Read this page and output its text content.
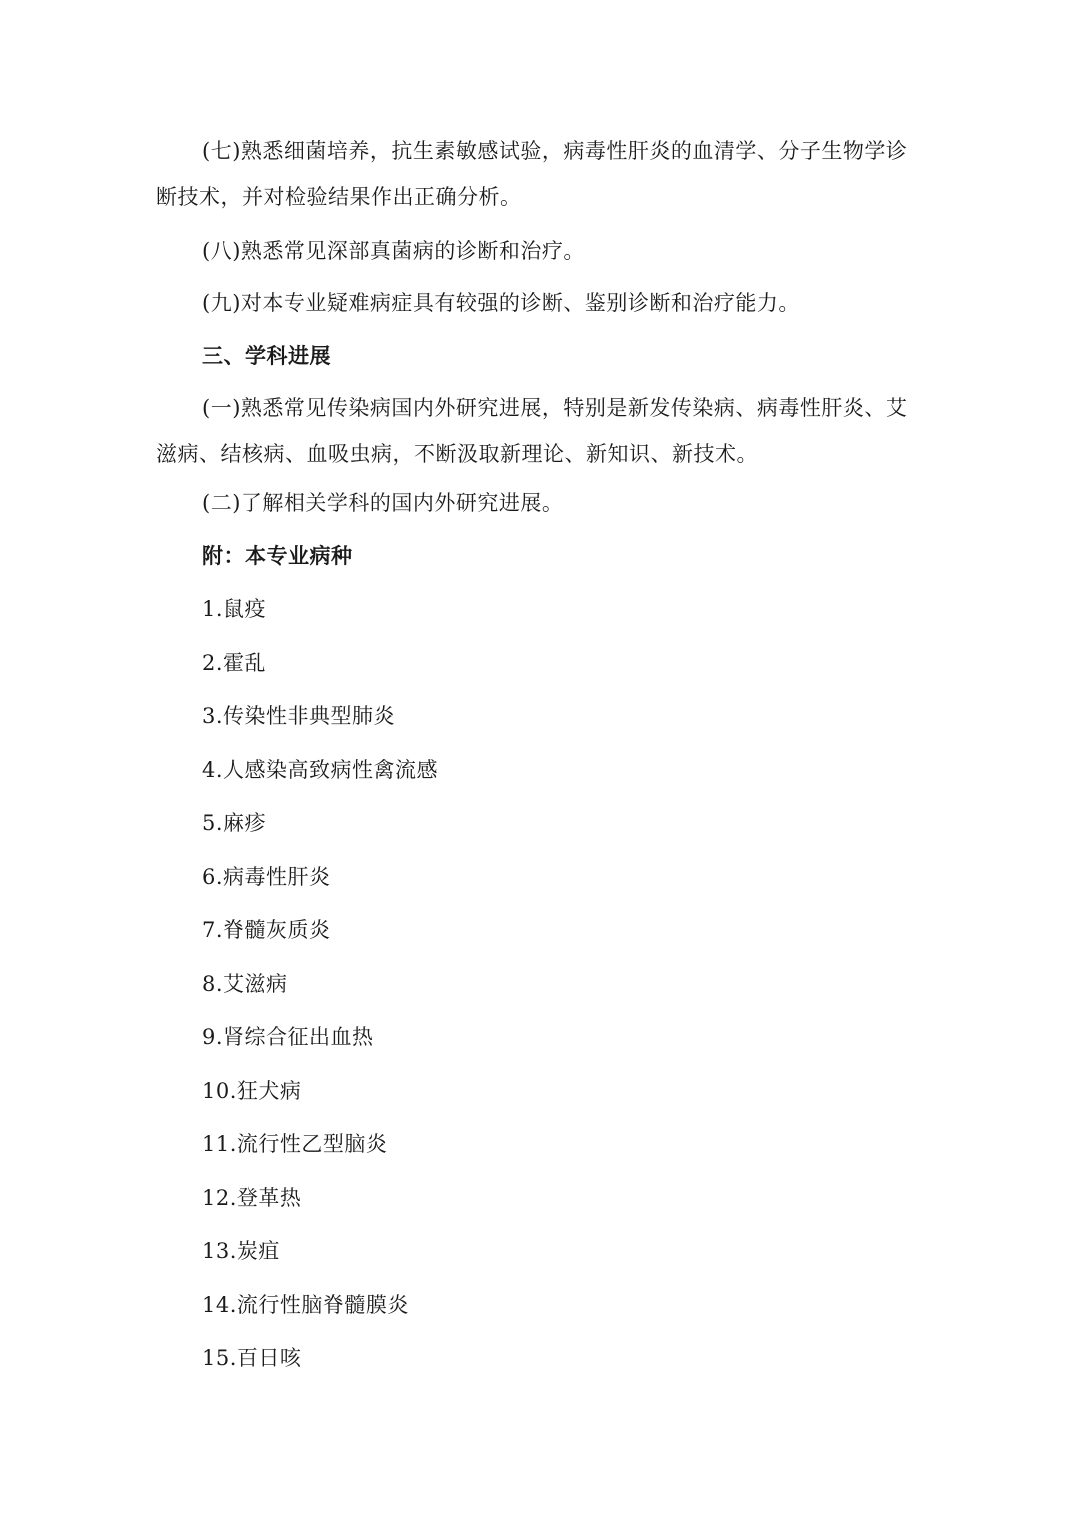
(七)熟悉细菌培养，抗生素敏感试验，病毒性肝炎的血清学、分子生物学诊断技术，并对检验结果作出正确分析。

(八)熟悉常见深部真菌病的诊断和治疗。

(九)对本专业疑难病症具有较强的诊断、鉴别诊断和治疗能力。

三、学科进展

(一)熟悉常见传染病国内外研究进展，特别是新发传染病、病毒性肝炎、艾滋病、结核病、血吸虫病，不断汲取新理论、新知识、新技术。

(二)了解相关学科的国内外研究进展。

附：本专业病种

1.鼠疫

2.霍乱

3.传染性非典型肺炎

4.人感染高致病性禽流感

5.麻疹

6.病毒性肝炎

7.脊髓灰质炎

8.艾滋病

9.肾综合征出血热

10.狂犬病

11.流行性乙型脑炎

12.登革热

13.炭疽

14.流行性脑脊髓膜炎

15.百日咳
